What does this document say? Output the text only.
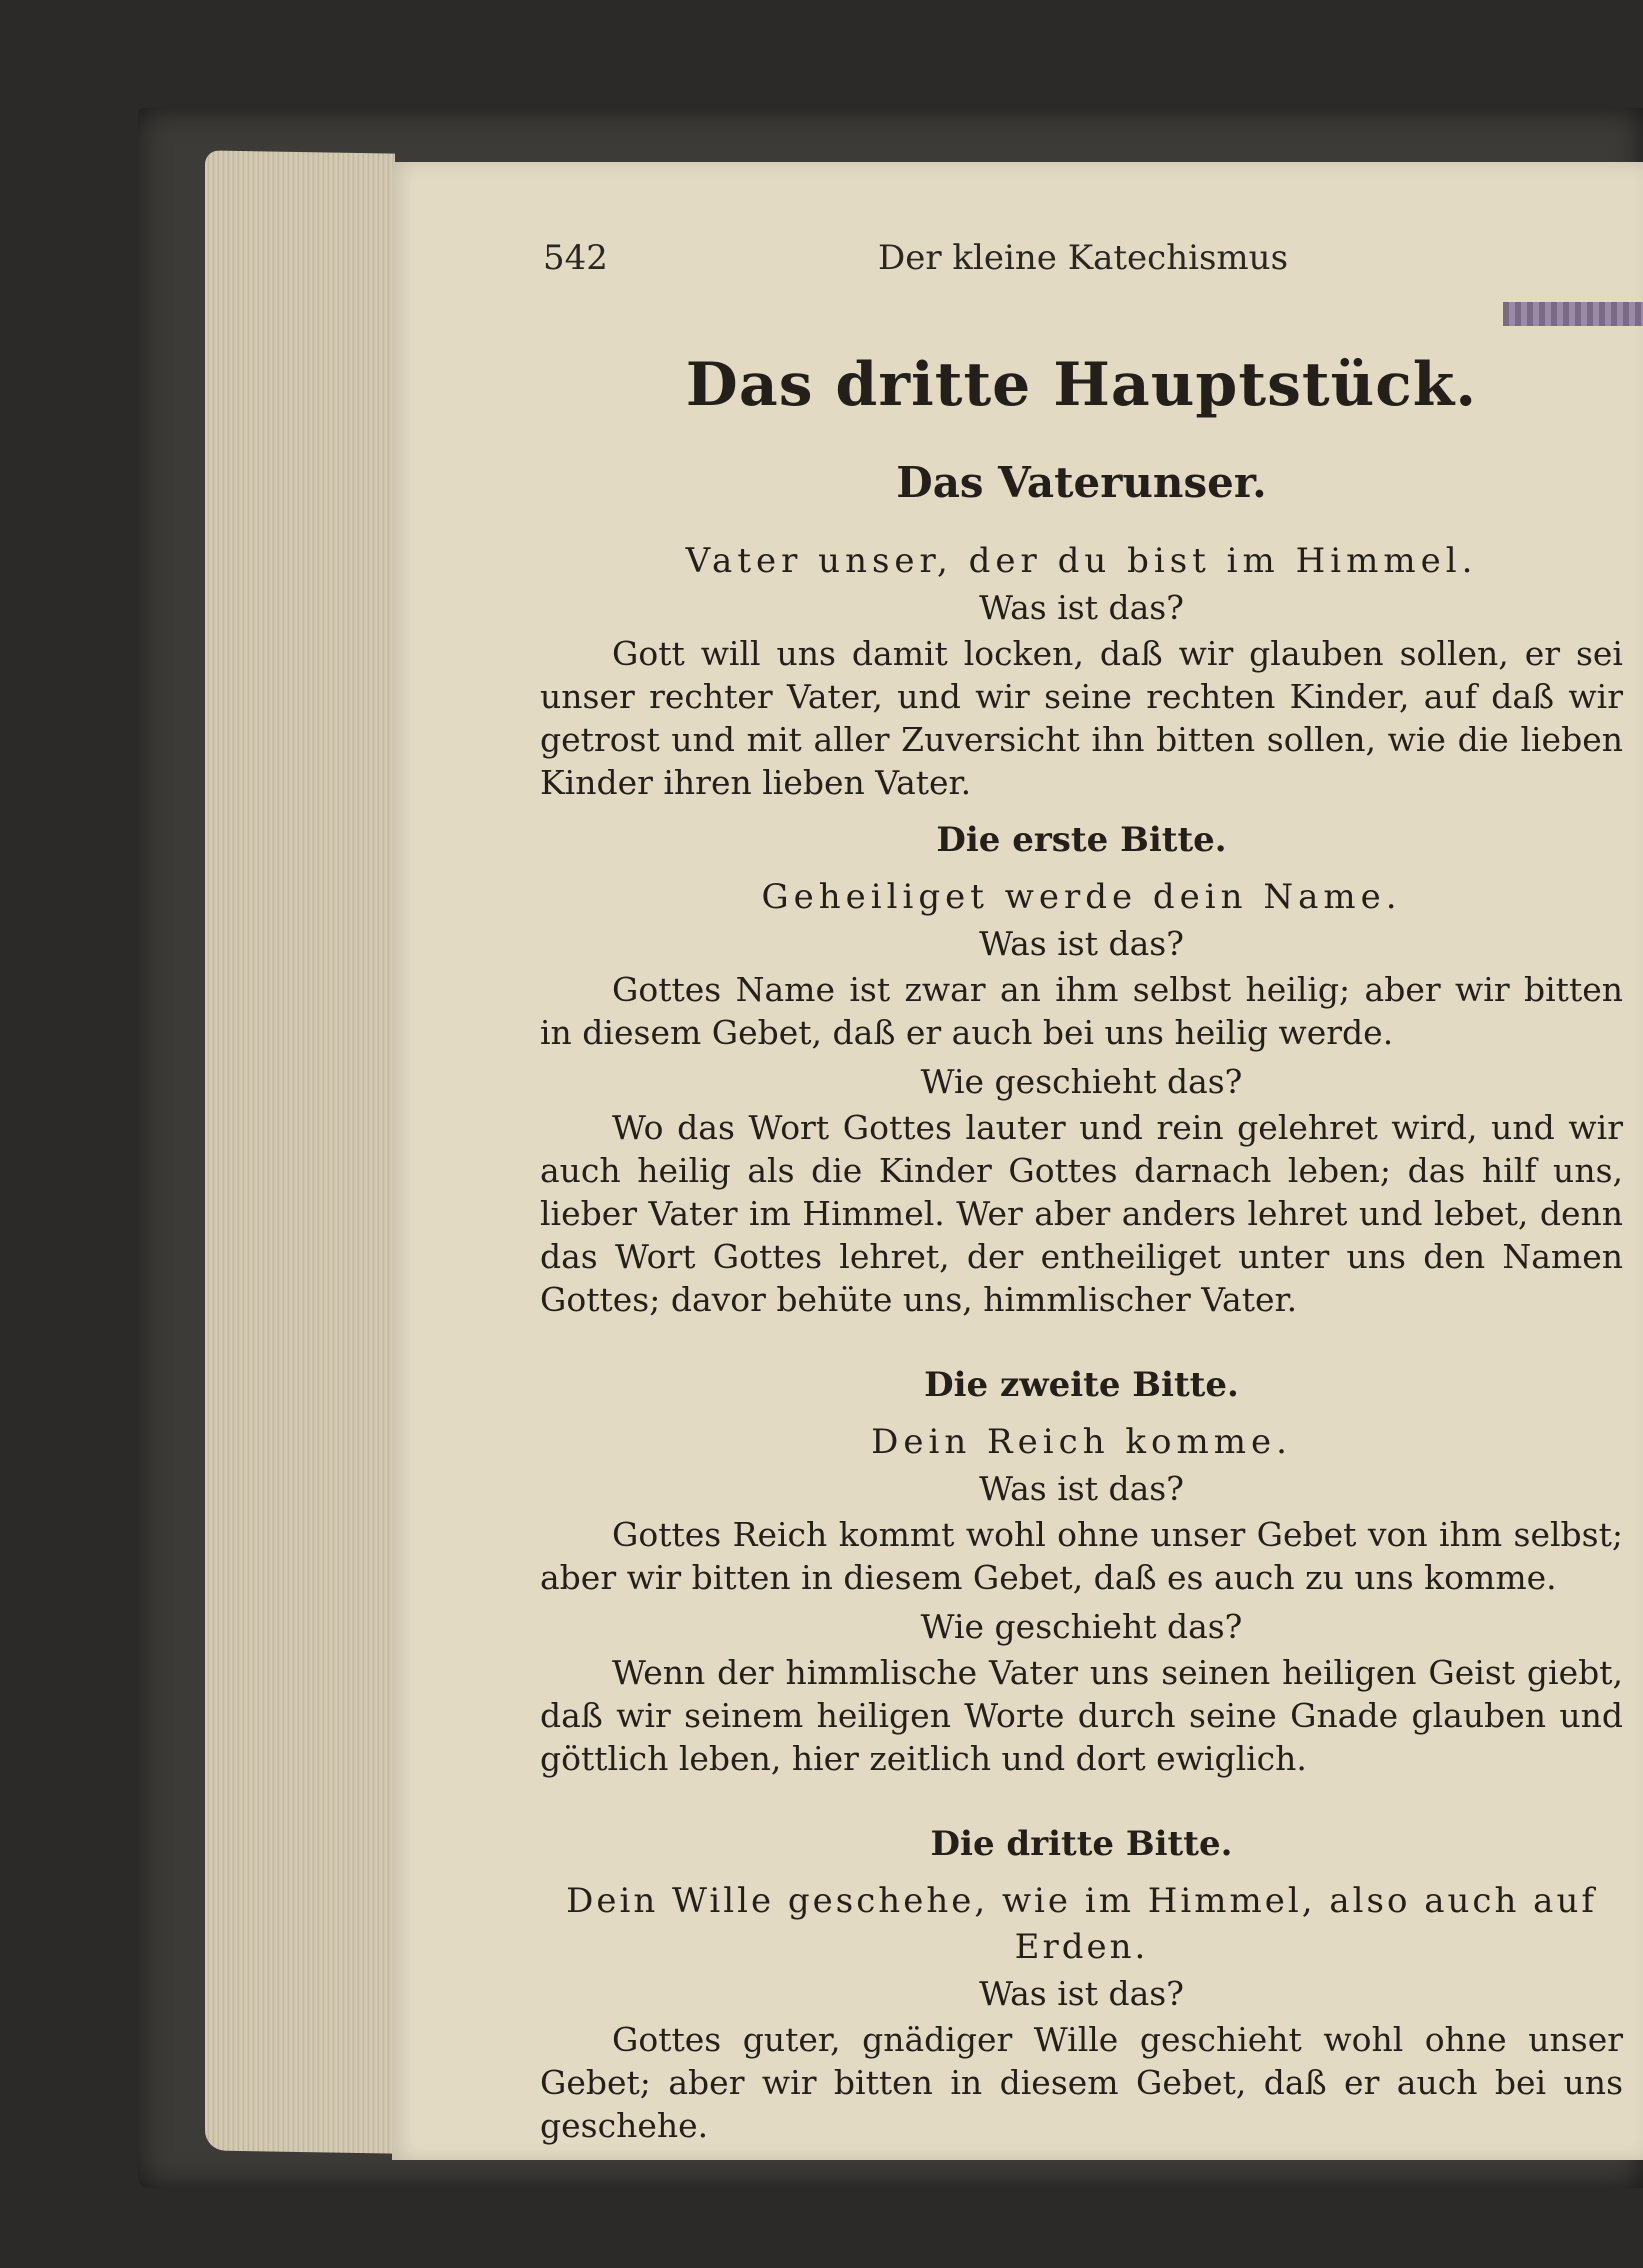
542	Der kleine Katechismus
Das dritte Hauptstück.
Das Vaterunser.
Vater unser, der du bist im Himmel.
Was ist das?

Gott will uns damit locken, daß wir glauben sollen, er sei unser rechter Vater, und wir seine rechten Kinder, auf daß wir getrost und mit aller Zuversicht ihn bitten sollen, wie die lieben Kinder ihren lieben Vater.

Die erste Bitte.
Geheiliget werde dein Name.
Was ist das?

Gottes Name ist zwar an ihm selbst heilig; aber wir bitten in diesem Gebet, daß er auch bei uns heilig werde.

Wie geschieht das?

Wo das Wort Gottes lauter und rein gelehret wird, und wir auch heilig als die Kinder Gottes darnach leben; das hilf uns, lieber Vater im Himmel. Wer aber anders lehret und lebet, denn das Wort Gottes lehret, der entheiliget unter uns den Namen Gottes; davor behüte uns, himmlischer Vater.

Die zweite Bitte.
Dein Reich komme.
Was ist das?

Gottes Reich kommt wohl ohne unser Gebet von ihm selbst; aber wir bitten in diesem Gebet, daß es auch zu uns komme.

Wie geschieht das?

Wenn der himmlische Vater uns seinen heiligen Geist giebt, daß wir seinem heiligen Worte durch seine Gnade glauben und göttlich leben, hier zeitlich und dort ewiglich.

Die dritte Bitte.
Dein Wille geschehe, wie im Himmel, also auch auf Erden.
Was ist das?

Gottes guter, gnädiger Wille geschieht wohl ohne unser Gebet; aber wir bitten in diesem Gebet, daß er auch bei uns geschehe.
